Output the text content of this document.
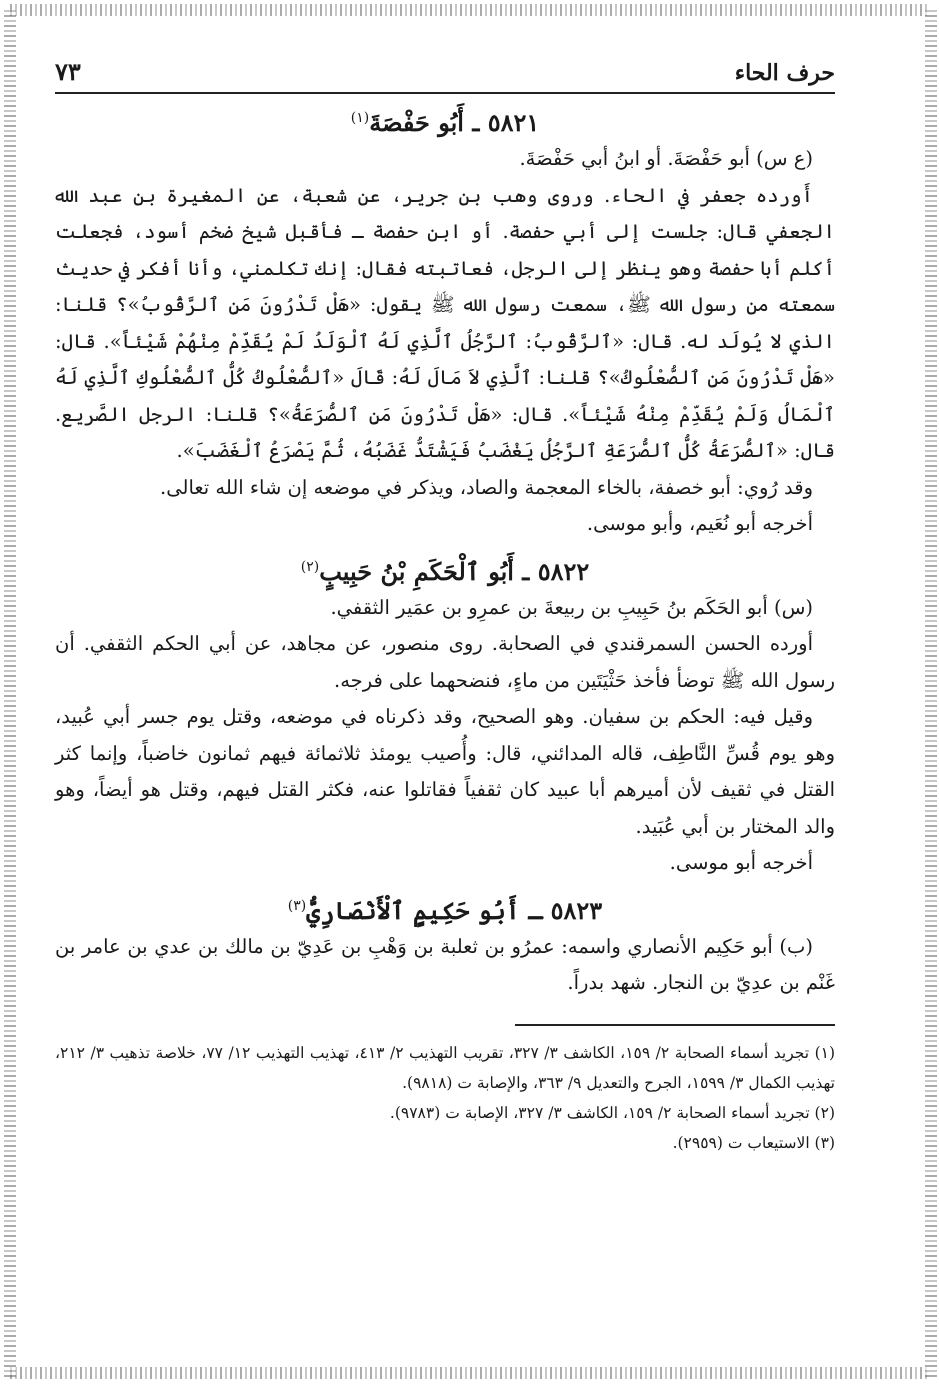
حرف الحاء
٧٣
٥٨٢١ ـ أَبُو حَفْصَةَ$^{(١)}$

(ع س) أبو حَفْصَةَ. أو ابنُ أبي حَفْصَةَ.

أَورده جعفر في الحاء. وروى وهب بن جرير، عن شعبة، عن المغيرة بن عبد الله الجعفي قال: جلست إلى أبي حفصة. أو ابن حفصة ـ فأقبل شيخ ضخم أسود، فجعلت أكلم أبا حفصة وهو ينظر إلى الرجل، فعاتبته فقال: إنك تكلمني، وأنا أفكر في حديث سمعته من رسول الله ﷺ، سمعت رسول الله ﷺ يقول: «هَلْ تَدْرُونَ مَنِ ٱلرَّقُوبُ»؟ قلنا: الذي لا يُولَد له. قال: «ٱلرَّقُوبُ: ٱلرَّجُلُ ٱلَّذِي لَهُ ٱلْوَلَدُ لَمْ يُقَدِّمْ مِنْهُمْ شَيْئاً». قال: «هَلْ تَدْرُونَ مَنِ ٱلصُّعْلُوكُ»؟ قلنا: ٱلَّذِي لاَ مَالَ لَهُ: قَالَ «ٱلصُّعْلُوكُ كُلُّ ٱلصُّعْلُوكِ ٱلَّذِي لَهُ ٱلْمَالُ وَلَمْ يُقَدِّمْ مِنْهُ شَيْئاً». قال: «هَلْ تَدْرُونَ مَنِ ٱلصُّرَعَةُ»؟ قلنا: الرجل الصَّريع. قال: «ٱلصُّرَعَةُ كُلُّ ٱلصُّرَعَةِ ٱلرَّجُلُ يَغْضَبُ فَيَشْتَدُّ غَضَبُهُ، ثُمَّ يَصْرَعُ ٱلْغَضَبَ».

وقد رُوي: أبو خصفة، بالخاء المعجمة والصاد، ويذكر في موضعه إن شاء الله تعالى.

أخرجه أبو نُعَيم، وأبو موسى.

٥٨٢٢ ـ أَبُو ٱلْحَكَمِ بْنُ حَبِيبٍ$^{(٢)}$

(س) أبو الحَكَم بنُ حَبِيبِ بن ربيعةَ بن عمرِو بن عمَير الثقفي.

أورده الحسن السمرقندي في الصحابة. روى منصور، عن مجاهد، عن أبي الحكم الثقفي. أن رسول الله ﷺ توضأ فأخذ حَثْيَتَين من ماءٍ، فنضحهما على فرجه.

وقيل فيه: الحكم بن سفيان. وهو الصحيح، وقد ذكرناه في موضعه، وقتل يوم جسر أبي عُبيد، وهو يوم قُسِّ النَّاطِف، قاله المدائني، قال: وأُصيب يومئذ ثلاثمائة فيهم ثمانون خاضباً، وإنما كثر القتل في ثقيف لأن أميرهم أبا عبيد كان ثقفياً فقاتلوا عنه، فكثر القتل فيهم، وقتل هو أيضاً، وهو والد المختار بن أبي عُبَيد.

أخرجه أبو موسى.

٥٨٢٣ ـ أَبُو حَكِيمٍ ٱلْأَنْصَارِيُّ$^{(٣)}$

(ب) أبو حَكِيم الأنصاري واسمه: عمرُو بن ثعلبة بن وَهْبِ بن عَدِيّ بن مالك بن عدي بن عامر بن غَنْم بن عدِيّ بن النجار. شهد بدراً.

(١) تجريد أسماء الصحابة ٢/ ١٥٩، الكاشف ٣/ ٣٢٧، تقريب التهذيب ٢/ ٤١٣، تهذيب التهذيب ١٢/ ٧٧، خلاصة تذهيب ٣/ ٢١٢، تهذيب الكمال ٣/ ١٥٩٩، الجرح والتعديل ٩/ ٣٦٣، والإصابة ت (٩٨١٨).

(٢) تجريد أسماء الصحابة ٢/ ١٥٩، الكاشف ٣/ ٣٢٧، الإصابة ت (٩٧٨٣).

(٣) الاستيعاب ت (٢٩٥٩).
